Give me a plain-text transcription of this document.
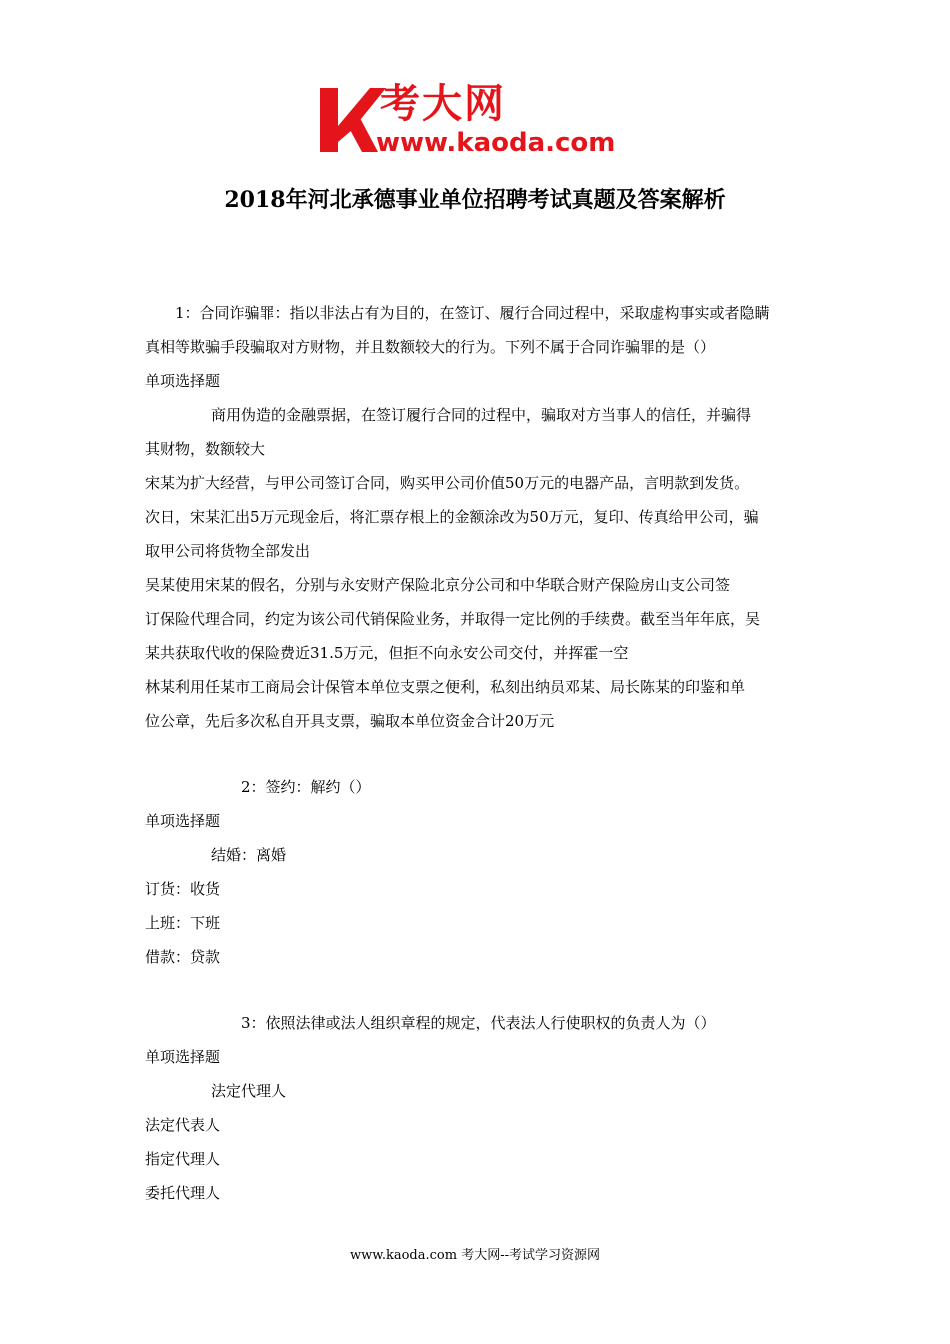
考大网
www.kaoda.com
2018年河北承德事业单位招聘考试真题及答案解析
1：合同诈骗罪：指以非法占有为目的，在签订、履行合同过程中，采取虚构事实或者隐瞒
真相等欺骗手段骗取对方财物，并且数额较大的行为。下列不属于合同诈骗罪的是（）
单项选择题
商用伪造的金融票据，在签订履行合同的过程中，骗取对方当事人的信任，并骗得
其财物，数额较大
宋某为扩大经营，与甲公司签订合同，购买甲公司价值50万元的电器产品，言明款到发货。
次日，宋某汇出5万元现金后，将汇票存根上的金额涂改为50万元，复印、传真给甲公司，骗
取甲公司将货物全部发出
吴某使用宋某的假名，分别与永安财产保险北京分公司和中华联合财产保险房山支公司签
订保险代理合同，约定为该公司代销保险业务，并取得一定比例的手续费。截至当年年底，吴
某共获取代收的保险费近31.5万元，但拒不向永安公司交付，并挥霍一空
林某利用任某市工商局会计保管本单位支票之便利，私刻出纳员邓某、局长陈某的印鉴和单
位公章，先后多次私自开具支票，骗取本单位资金合计20万元
2：签约：解约（）
单项选择题
结婚：离婚
订货：收货
上班：下班
借款：贷款
3：依照法律或法人组织章程的规定，代表法人行使职权的负责人为（）
单项选择题
法定代理人
法定代表人
指定代理人
委托代理人
www.kaoda.com 考大网--考试学习资源网
